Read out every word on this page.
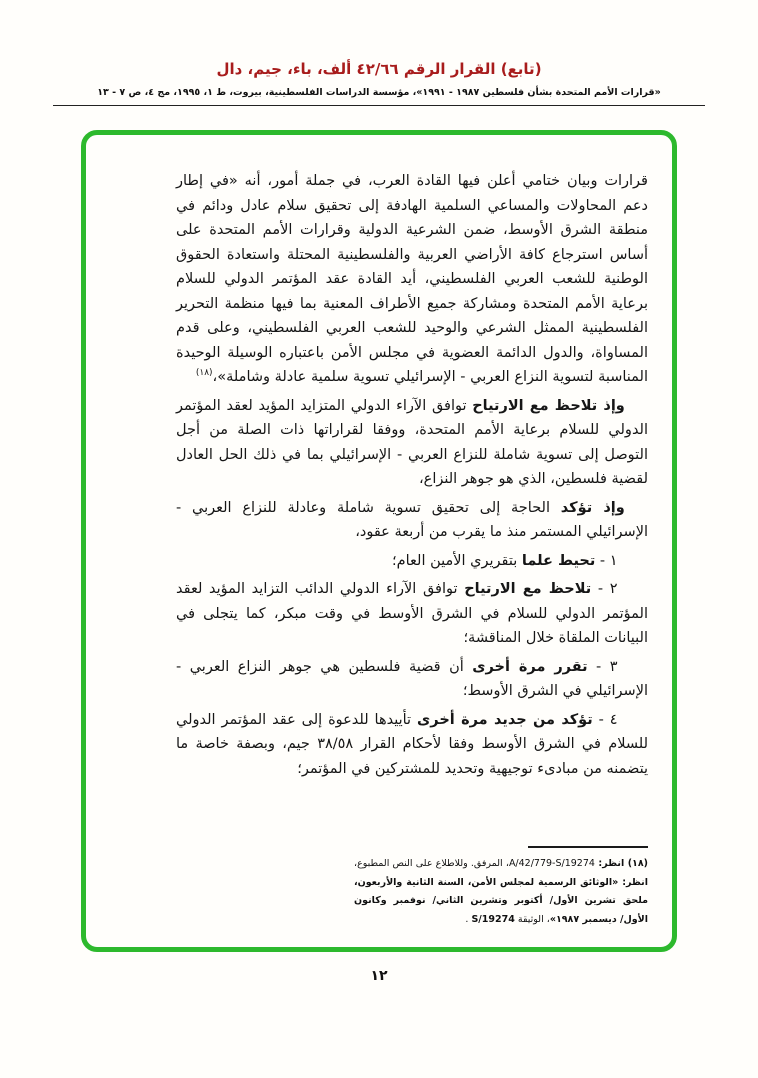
(تابع) القرار الرقم ٤٢/٦٦ ألف، باء، جيم، دال
«قرارات الأمم المتحدة بشأن فلسطين ١٩٨٧ - ١٩٩١»، مؤسسة الدراسات الفلسطينية، بيروت، ط ١، ١٩٩٥، مج ٤، ص ٧ - ١٣

قرارات وبيان ختامي أعلن فيها القادة العرب، في جملة أمور، أنه «في إطار دعم المحاولات والمساعي السلمية الهادفة إلى تحقيق سلام عادل ودائم في منطقة الشرق الأوسط، ضمن الشرعية الدولية وقرارات الأمم المتحدة على أساس استرجاع كافة الأراضي العربية والفلسطينية المحتلة واستعادة الحقوق الوطنية للشعب العربي الفلسطيني، أيد القادة عقد المؤتمر الدولي للسلام برعاية الأمم المتحدة ومشاركة جميع الأطراف المعنية بما فيها منظمة التحرير الفلسطينية الممثل الشرعي والوحيد للشعب العربي الفلسطيني، وعلى قدم المساواة، والدول الدائمة العضوية في مجلس الأمن باعتباره الوسيلة الوحيدة المناسبة لتسوية النزاع العربي - الإسرائيلي تسوية سلمية عادلة وشاملة»،$^{(١٨)}$

وإذ تلاحظ مع الارتياح توافق الآراء الدولي المتزايد المؤيد لعقد المؤتمر الدولي للسلام برعاية الأمم المتحدة، ووفقا لقراراتها ذات الصلة من أجل التوصل إلى تسوية شاملة للنزاع العربي - الإسرائيلي بما في ذلك الحل العادل لقضية فلسطين، الذي هو جوهر النزاع،

وإذ تؤكد الحاجة إلى تحقيق تسوية شاملة وعادلة للنزاع العربي - الإسرائيلي المستمر منذ ما يقرب من أربعة عقود،

١ - تحيط علما بتقريري الأمين العام؛

٢ - تلاحظ مع الارتياح توافق الآراء الدولي الدائب التزايد المؤيد لعقد المؤتمر الدولي للسلام في الشرق الأوسط في وقت مبكر، كما يتجلى في البيانات الملقاة خلال المناقشة؛

٣ - تقرر مرة أخرى أن قضية فلسطين هي جوهر النزاع العربي - الإسرائيلي في الشرق الأوسط؛

٤ - تؤكد من جديد مرة أخرى تأييدها للدعوة إلى عقد المؤتمر الدولي للسلام في الشرق الأوسط وفقا لأحكام القرار ٣٨/٥٨ جيم، وبصفة خاصة ما يتضمنه من مبادىء توجيهية وتحديد للمشتركين في المؤتمر؛

(١٨) انظر: A/42/779-S/19274، المرفق. وللاطلاع على النص المطبوع، انظر: «الوثائق الرسمية لمجلس الأمن، السنة الثانية والأربعون، ملحق تشرين الأول/ أكتوبر وتشرين الثاني/ نوفمبر وكانون الأول/ ديسمبر ١٩٨٧»، الوثيقة S/19274 .
١٢
